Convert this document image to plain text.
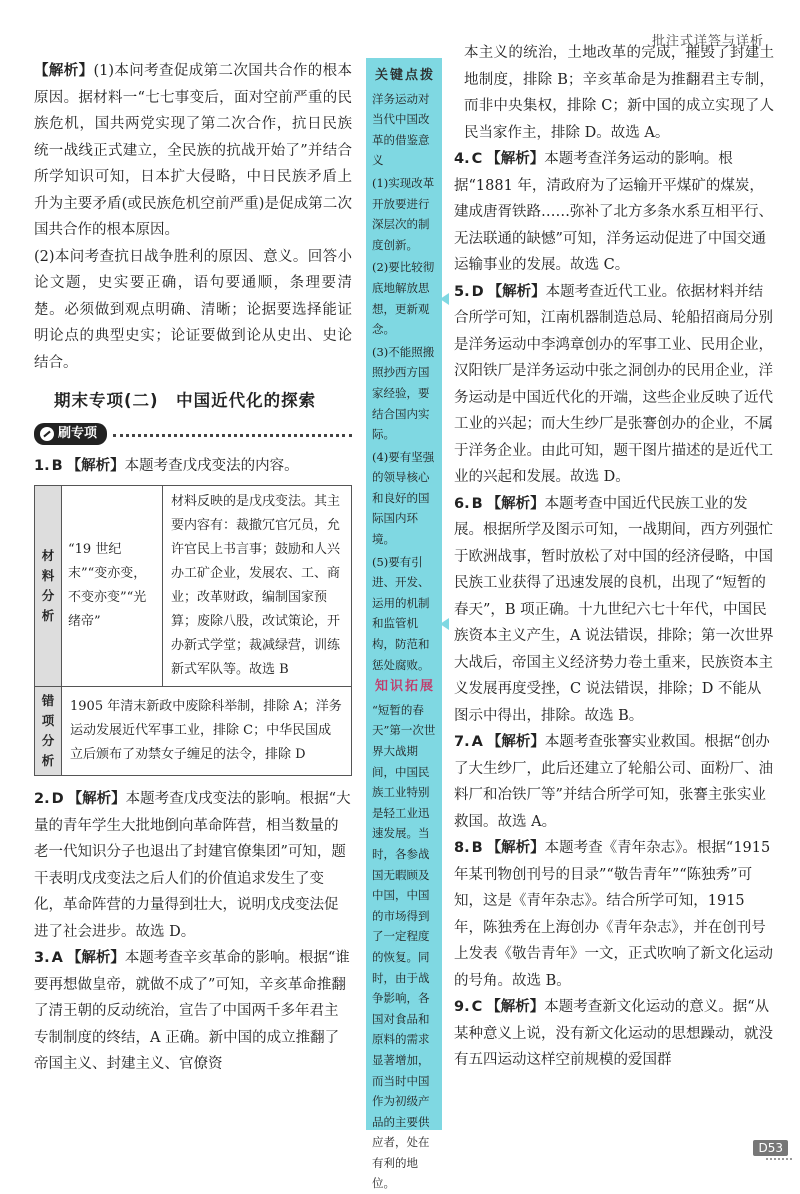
批注式详答与详析

【解析】(1)本问考查促成第二次国共合作的根本原因。据材料一“七七事变后，面对空前严重的民族危机，国共两党实现了第二次合作，抗日民族统一战线正式建立，全民族的抗战开始了”并结合所学知识可知，日本扩大侵略，中日民族矛盾上升为主要矛盾(或民族危机空前严重)是促成第二次国共合作的根本原因。

(2)本问考查抗日战争胜利的原因、意义。回答小论文题，史实要正确，语句要通顺，条理要清楚。必须做到观点明确、清晰；论据要选择能证明论点的典型史实；论证要做到论从史出、史论结合。

期末专项(二)　中国近代化的探索
刷专项

1. B 【解析】本题考查戊戌变法的内容。

材料分析	“19 世纪末”“变亦变，不变亦变”“光绪帝”	材料反映的是戊戌变法。其主要内容有：裁撤冗官冗员，允许官民上书言事；鼓励和人兴办工矿企业，发展农、工、商业；改革财政，编制国家预算；废除八股，改试策论，开办新式学堂；裁减绿营，训练新式军队等。故选 B
错项分析	1905 年清末新政中废除科举制，排除 A；洋务运动发展近代军事工业，排除 C；中华民国成立后颁布了劝禁女子缠足的法令，排除 D	

2. D 【解析】本题考查戊戌变法的影响。根据“大量的青年学生大批地倒向革命阵营，相当数量的老一代知识分子也退出了封建官僚集团”可知，题干表明戊戌变法之后人们的价值追求发生了变化，革命阵营的力量得到壮大，说明戊戌变法促进了社会进步。故选 D。

3. A 【解析】本题考查辛亥革命的影响。根据“谁要再想做皇帝，就做不成了”可知，辛亥革命推翻了清王朝的反动统治，宣告了中国两千多年君主专制制度的终结，A 正确。新中国的成立推翻了帝国主义、封建主义、官僚资

关键点拨

洋务运动对当代中国改革的借鉴意义

(1)实现改革开放要进行深层次的制度创新。

(2)要比较彻底地解放思想，更新观念。

(3)不能照搬照抄西方国家经验，要结合国内实际。

(4)要有坚强的领导核心和良好的国际国内环境。

(5)要有引进、开发、运用的机制和监管机构，防范和惩处腐败。

知识拓展

“短暂的春天”第一次世界大战期间，中国民族工业特别是轻工业迅速发展。当时，各参战国无暇顾及中国，中国的市场得到了一定程度的恢复。同时，由于战争影响，各国对食品和原料的需求显著增加，而当时中国作为初级产品的主要供应者，处在有利的地位。

本主义的统治，土地改革的完成，摧毁了封建土地制度，排除 B；辛亥革命是为推翻君主专制，而非中央集权，排除 C；新中国的成立实现了人民当家作主，排除 D。故选 A。

4. C 【解析】本题考查洋务运动的影响。根据“1881 年，清政府为了运输开平煤矿的煤炭，建成唐胥铁路……弥补了北方多条水系互相平行、无法联通的缺憾”可知，洋务运动促进了中国交通运输事业的发展。故选 C。

5. D 【解析】本题考查近代工业。依据材料并结合所学可知，江南机器制造总局、轮船招商局分别是洋务运动中李鸿章创办的军事工业、民用企业，汉阳铁厂是洋务运动中张之洞创办的民用企业，洋务运动是中国近代化的开端，这些企业反映了近代工业的兴起；而大生纱厂是张謇创办的企业，不属于洋务企业。由此可知，题干图片描述的是近代工业的兴起和发展。故选 D。

6. B 【解析】本题考查中国近代民族工业的发展。根据所学及图示可知，一战期间，西方列强忙于欧洲战事，暂时放松了对中国的经济侵略，中国民族工业获得了迅速发展的良机，出现了“短暂的春天”，B 项正确。十九世纪六七十年代，中国民族资本主义产生，A 说法错误，排除；第一次世界大战后，帝国主义经济势力卷土重来，民族资本主义发展再度受挫，C 说法错误，排除；D 不能从图示中得出，排除。故选 B。

7. A 【解析】本题考查张謇实业救国。根据“创办了大生纱厂，此后还建立了轮船公司、面粉厂、油料厂和冶铁厂等”并结合所学可知，张謇主张实业救国。故选 A。

8. B 【解析】本题考查《青年杂志》。根据“1915 年某刊物创刊号的目录”“敬告青年”“陈独秀”可知，这是《青年杂志》。结合所学可知，1915 年，陈独秀在上海创办《青年杂志》，并在创刊号上发表《敬告青年》一文，正式吹响了新文化运动的号角。故选 B。

9. C 【解析】本题考查新文化运动的意义。据“从某种意义上说，没有新文化运动的思想躁动，就没有五四运动这样空前规模的爱国群

D53
